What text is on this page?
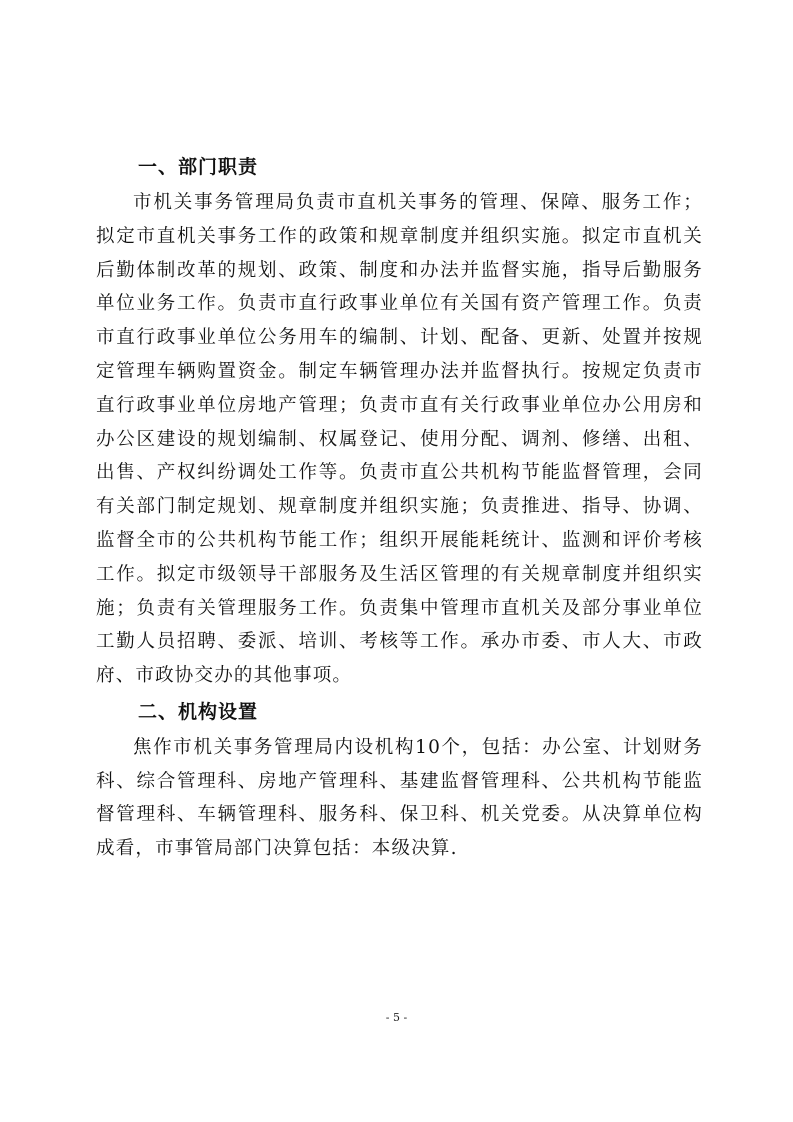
一、部门职责

市机关事务管理局负责市直机关事务的管理、保障、服务工作；拟定市直机关事务工作的政策和规章制度并组织实施。拟定市直机关后勤体制改革的规划、政策、制度和办法并监督实施，指导后勤服务单位业务工作。负责市直行政事业单位有关国有资产管理工作。负责市直行政事业单位公务用车的编制、计划、配备、更新、处置并按规定管理车辆购置资金。制定车辆管理办法并监督执行。按规定负责市直行政事业单位房地产管理；负责市直有关行政事业单位办公用房和办公区建设的规划编制、权属登记、使用分配、调剂、修缮、出租、出售、产权纠纷调处工作等。负责市直公共机构节能监督管理，会同有关部门制定规划、规章制度并组织实施；负责推进、指导、协调、监督全市的公共机构节能工作；组织开展能耗统计、监测和评价考核工作。拟定市级领导干部服务及生活区管理的有关规章制度并组织实施；负责有关管理服务工作。负责集中管理市直机关及部分事业单位工勤人员招聘、委派、培训、考核等工作。承办市委、市人大、市政府、市政协交办的其他事项。

二、机构设置

焦作市机关事务管理局内设机构10个，包括：办公室、计划财务科、综合管理科、房地产管理科、基建监督管理科、公共机构节能监督管理科、车辆管理科、服务科、保卫科、机关党委。从决算单位构成看，市事管局部门决算包括：本级决算.

- 5 -
